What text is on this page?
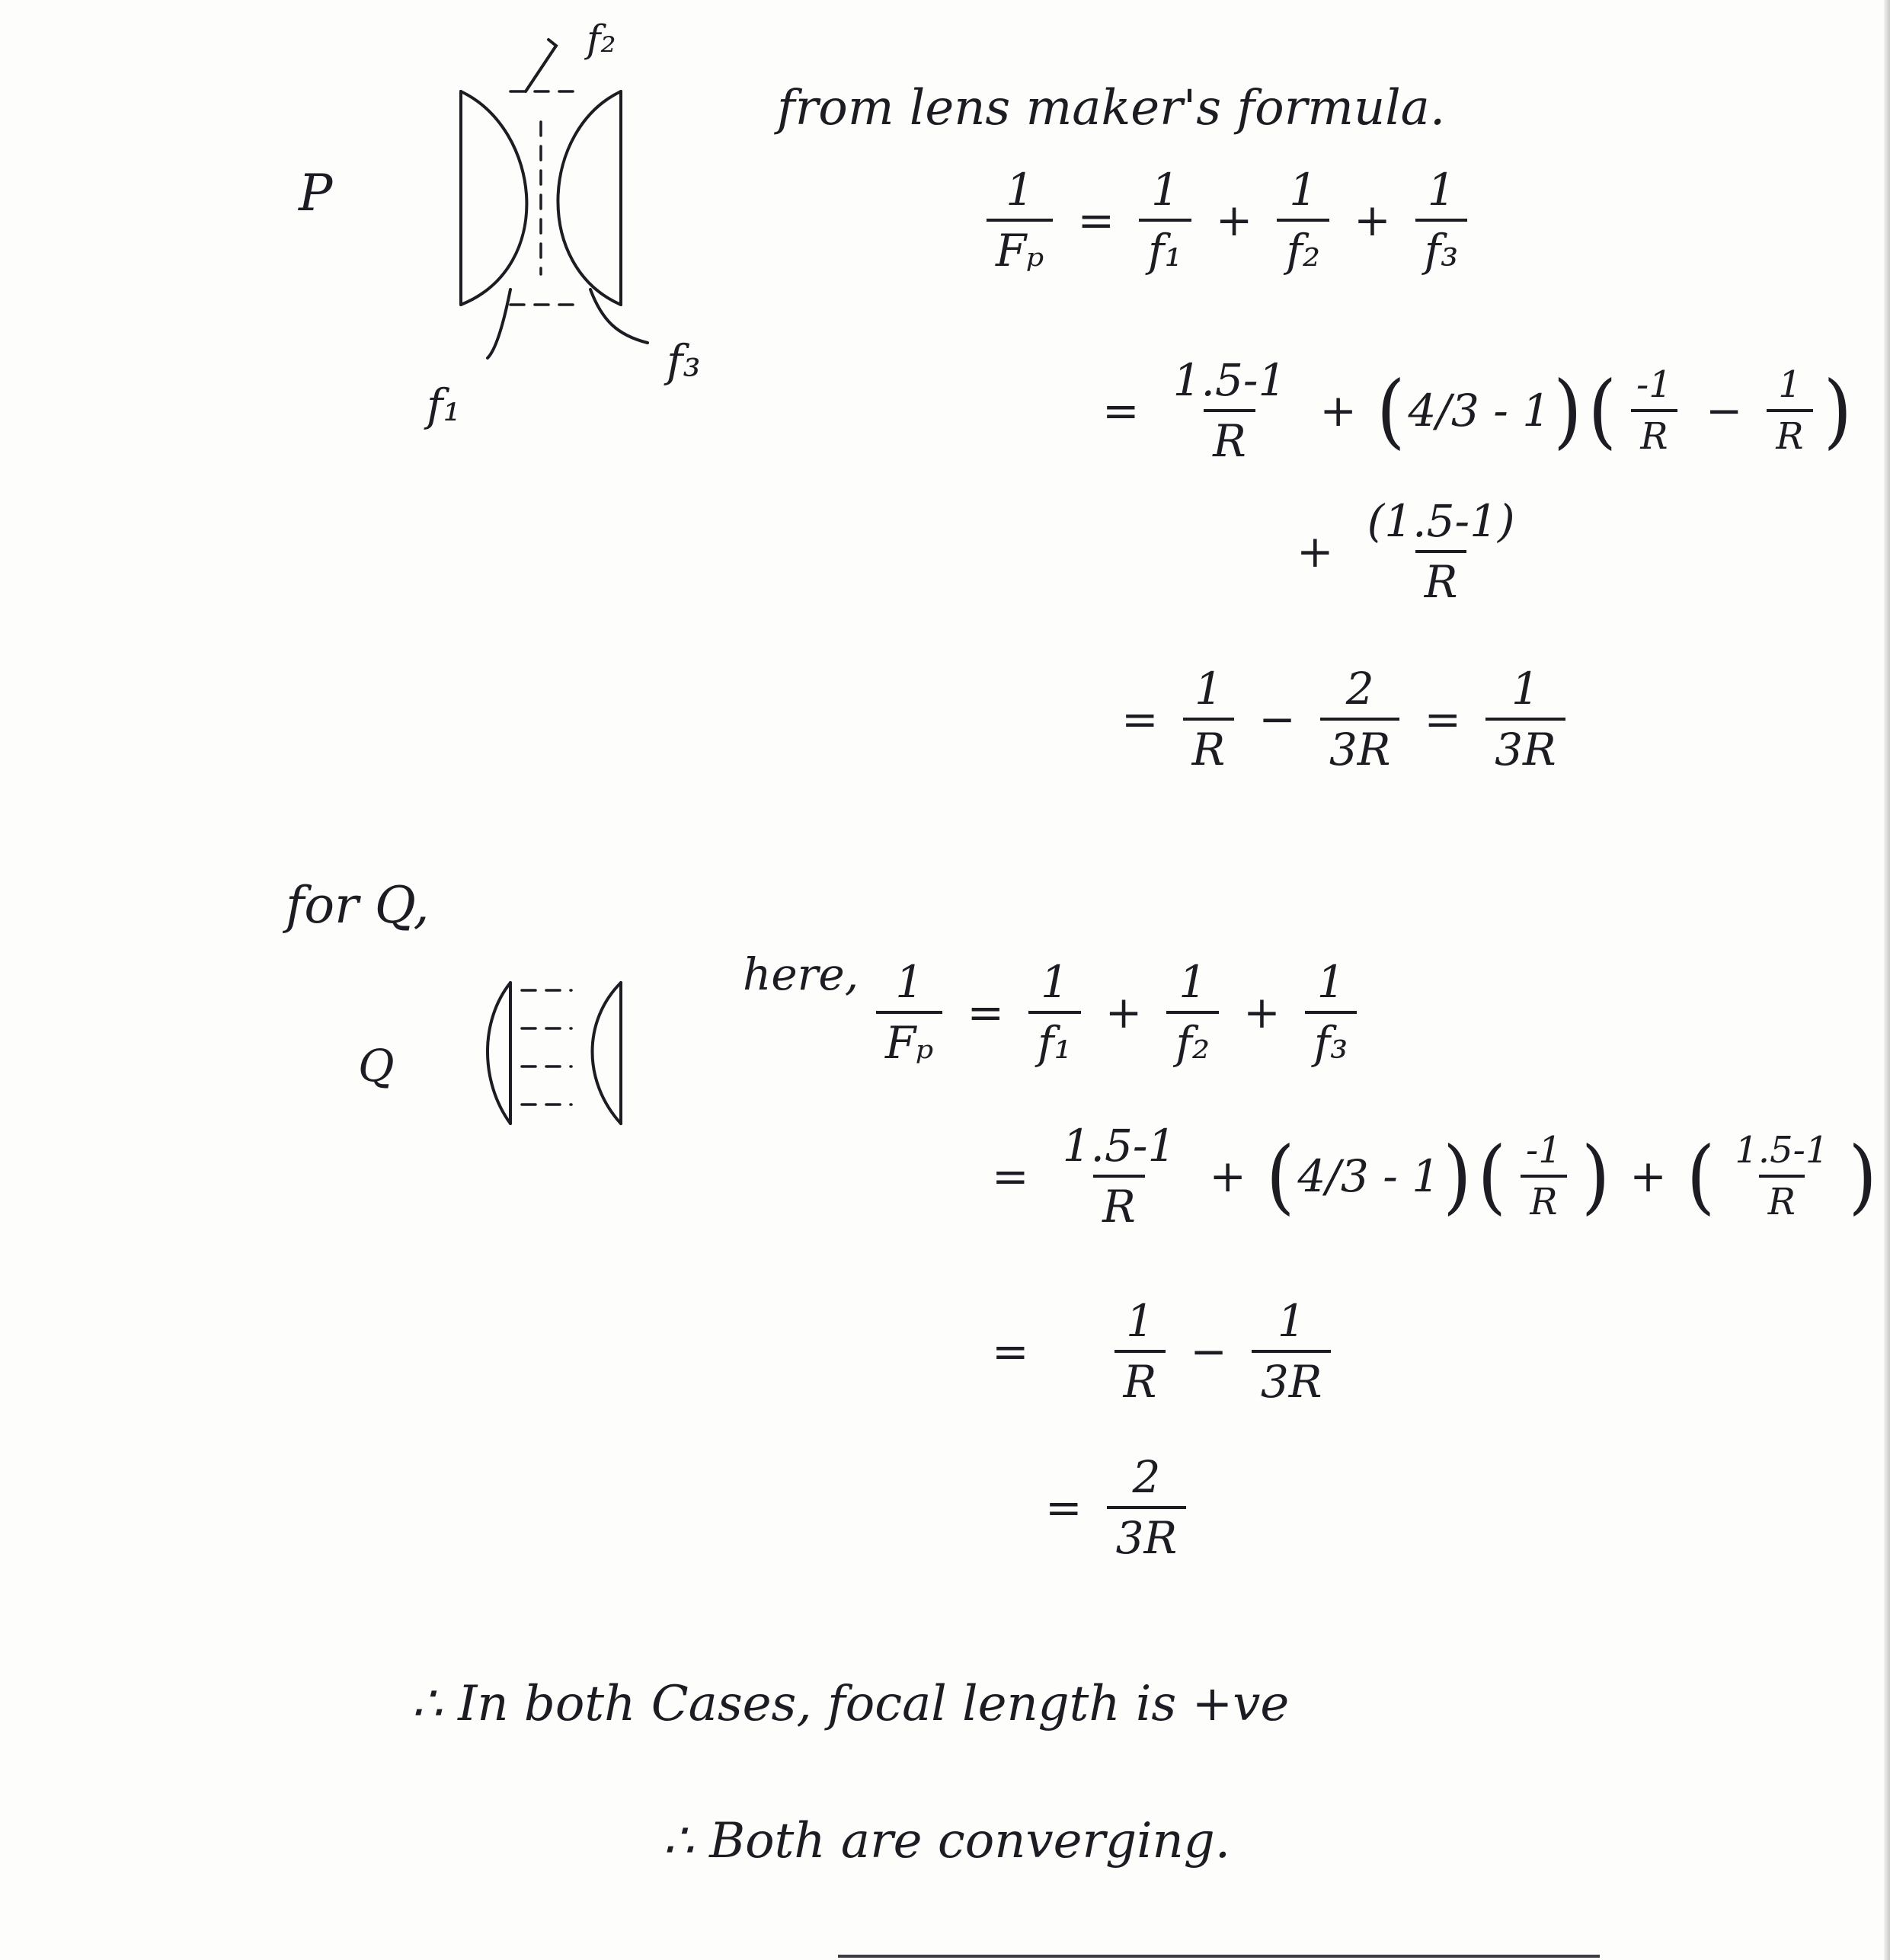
P
f₂
f₁
f₃
from lens maker's formula.
$\frac{1}{\text{Fₚ}} = \frac{1}{\text{f₁}} + \frac{1}{\text{f₂}} + \frac{1}{\text{f₃}}$
= $\frac{1.5-1}{R}$ + ( 4/3 - 1 ) ( $\frac{-1}{R} - \frac{1}{R}$ )
+ $\frac{(1.5-1)}{R}$
= $\frac{1}{R} - \frac{2}{3R} = \frac{1}{3R}$
for Q,
Q
here, $\frac{1}{\text{Fₚ}} = \frac{1}{\text{f₁}} + \frac{1}{\text{f₂}} + \frac{1}{\text{f₃}}$
= $\frac{1.5-1}{R}$ + ( 4/3 - 1 ) ( $\frac{-1}{R}$ ) + ( $\frac{1.5-1}{R}$ )
= $\frac{1}{R} - \frac{1}{3R}$
= $\frac{2}{3R}$
∴ In both Cases, focal length is +ve
∴ Both are converging.
